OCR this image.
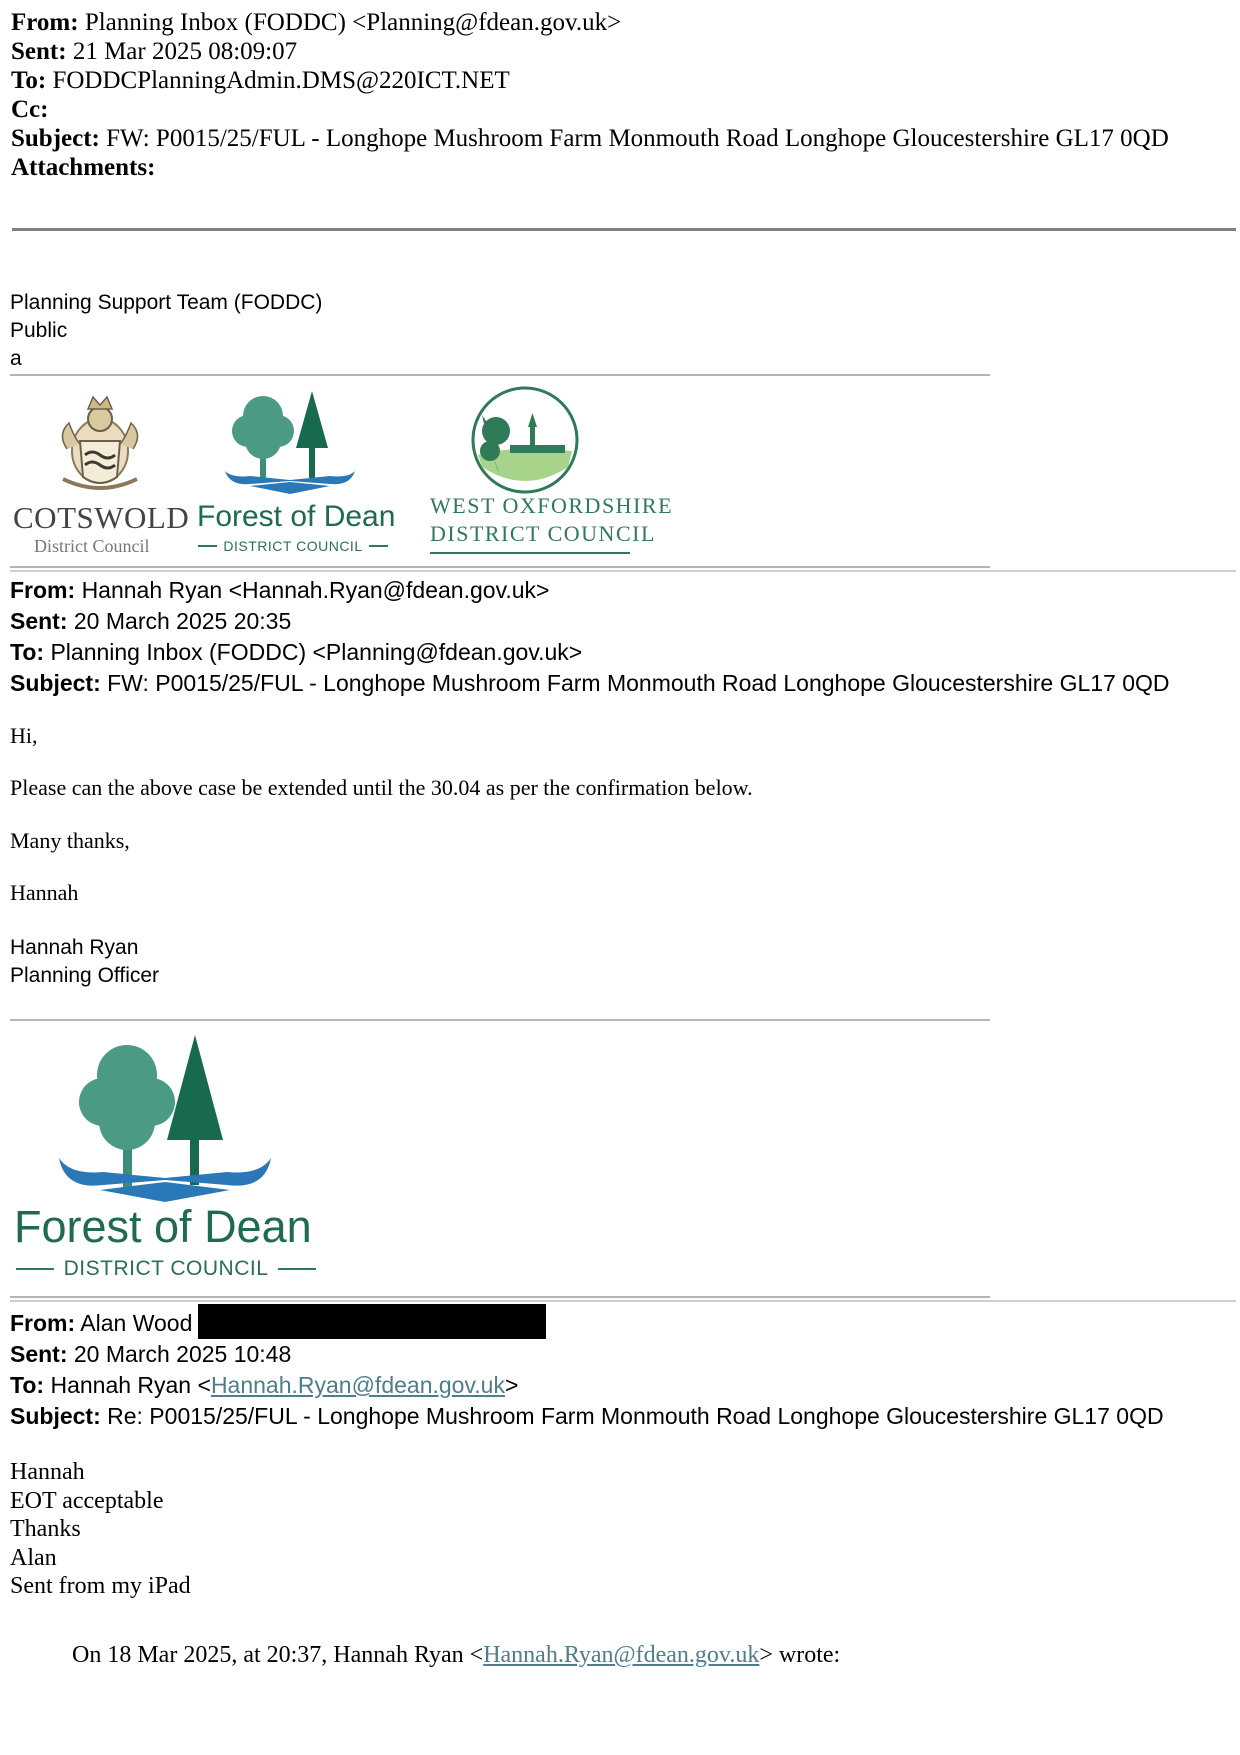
From: Planning Inbox (FODDC) <Planning@fdean.gov.uk>
Sent: 21 Mar 2025 08:09:07
To: FODDCPlanningAdmin.DMS@220ICT.NET
Cc:
Subject: FW: P0015/25/FUL - Longhope Mushroom Farm Monmouth Road Longhope Gloucestershire GL17 0QD
Attachments:
Planning Support Team (FODDC)
Public
a
COTSWOLD
District Council
Forest of Dean
DISTRICT COUNCIL
WEST OXFORDSHIRE
DISTRICT COUNCIL
From: Hannah Ryan <Hannah.Ryan@fdean.gov.uk>
Sent: 20 March 2025 20:35
To: Planning Inbox (FODDC) <Planning@fdean.gov.uk>
Subject: FW: P0015/25/FUL - Longhope Mushroom Farm Monmouth Road Longhope Gloucestershire GL17 0QD
Hi,
Please can the above case be extended until the 30.04 as per the confirmation below.
Many thanks,
Hannah
Hannah Ryan
Planning Officer
Forest of Dean
DISTRICT COUNCIL
From: Alan Wood
Sent: 20 March 2025 10:48
To: Hannah Ryan <Hannah.Ryan@fdean.gov.uk>
Subject: Re: P0015/25/FUL - Longhope Mushroom Farm Monmouth Road Longhope Gloucestershire GL17 0QD
Hannah
EOT acceptable
Thanks
Alan
Sent from my iPad
On 18 Mar 2025, at 20:37, Hannah Ryan <Hannah.Ryan@fdean.gov.uk> wrote:
